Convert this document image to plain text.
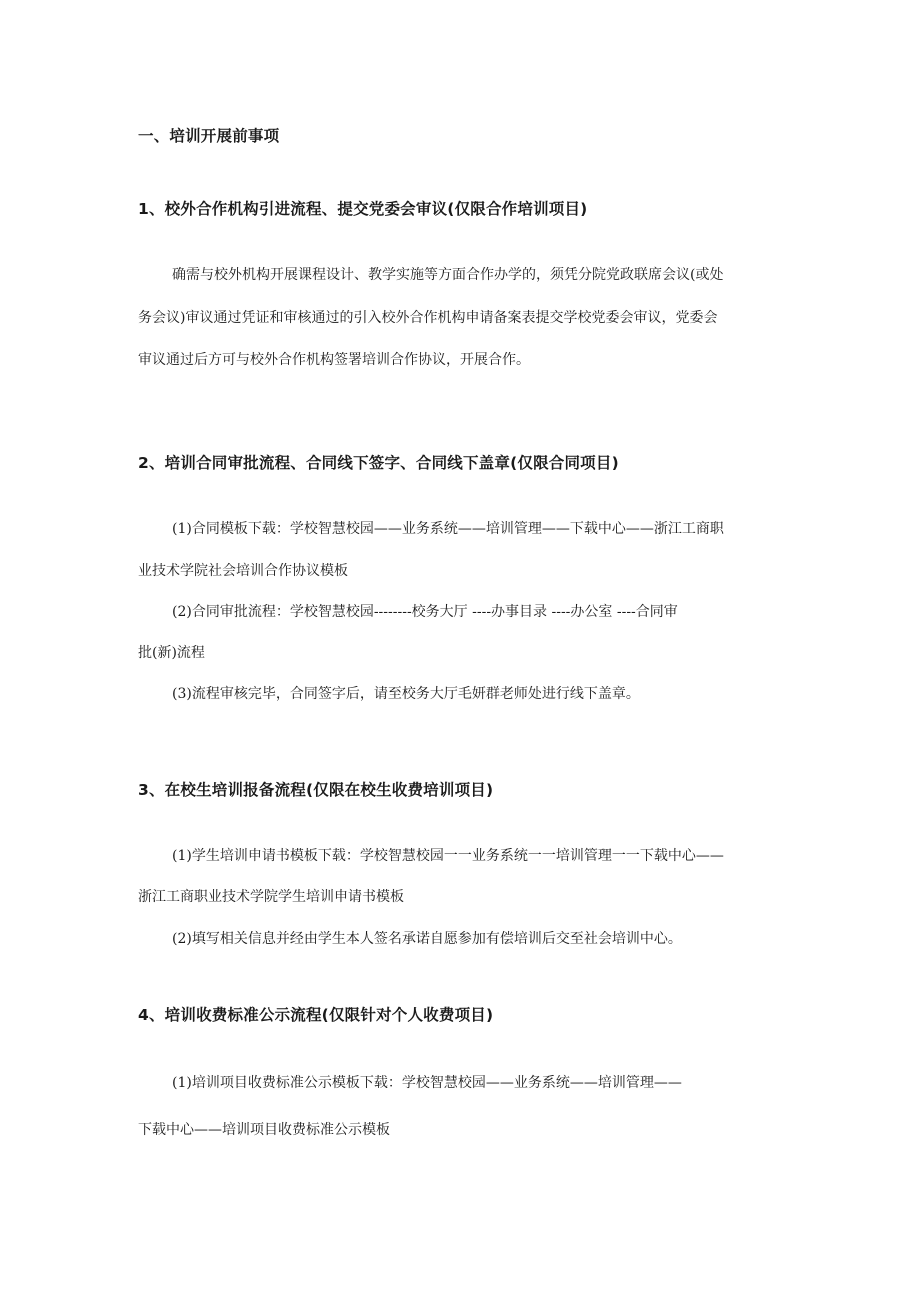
一、培训开展前事项
1、校外合作机构引进流程、提交党委会审议(仅限合作培训项目)
确需与校外机构开展课程设计、教学实施等方面合作办学的，须凭分院党政联席会议(或处
务会议)审议通过凭证和审核通过的引入校外合作机构申请备案表提交学校党委会审议，党委会
审议通过后方可与校外合作机构签署培训合作协议，开展合作。
2、培训合同审批流程、合同线下签字、合同线下盖章(仅限合同项目)
(1)合同模板下载：学校智慧校园——业务系统——培训管理——下载中心——浙江工商职
业技术学院社会培训合作协议模板
(2)合同审批流程：学校智慧校园--------校务大厅 ----办事目录 ----办公室 ----合同审
批(新)流程
(3)流程审核完毕，合同签字后，请至校务大厅毛妍群老师处进行线下盖章。
3、在校生培训报备流程(仅限在校生收费培训项目)
(1)学生培训申请书模板下载：学校智慧校园一一业务系统一一培训管理一一下载中心——
浙江工商职业技术学院学生培训申请书模板
(2)填写相关信息并经由学生本人签名承诺自愿参加有偿培训后交至社会培训中心。
4、培训收费标准公示流程(仅限针对个人收费项目)
(1)培训项目收费标准公示模板下载：学校智慧校园——业务系统——培训管理——
下载中心——培训项目收费标准公示模板
